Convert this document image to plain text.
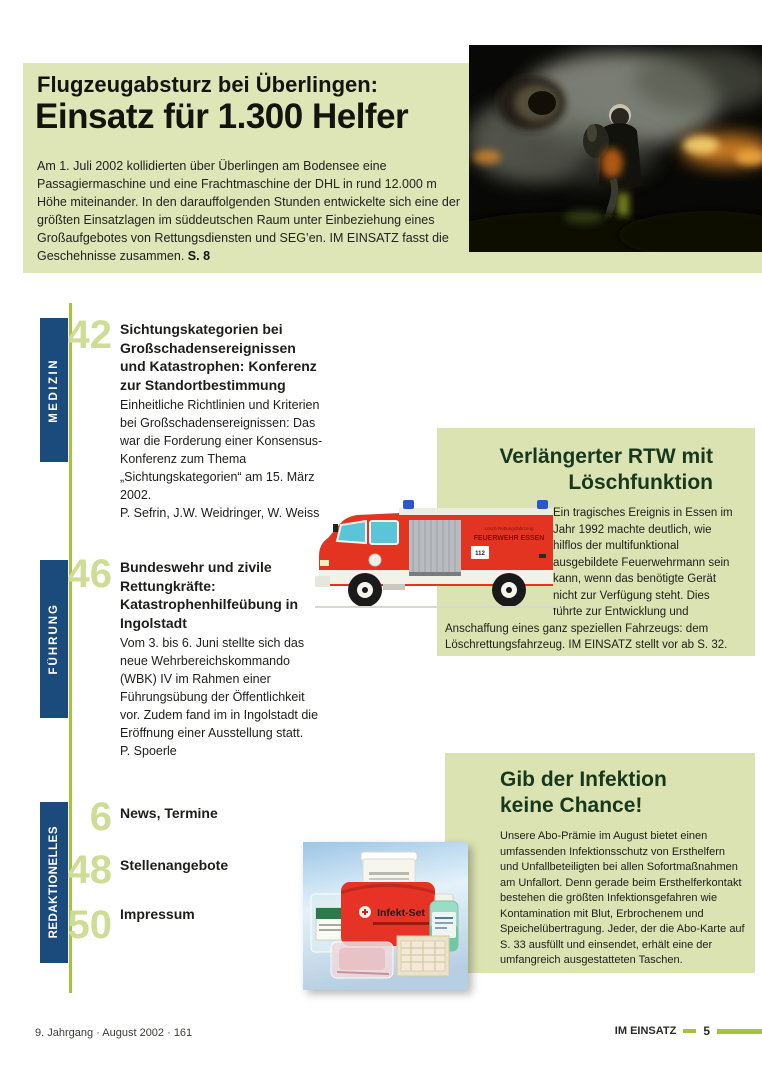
Flugzeugabsturz bei Überlingen:
Einsatz für 1.300 Helfer
Am 1. Juli 2002 kollidierten über Überlingen am Bodensee eine Passagiermaschine und eine Frachtmaschine der DHL in rund 12.000 m Höhe miteinander. In den darauffolgenden Stunden entwickelte sich eine der größten Einsatzlagen im süddeutschen Raum unter Einbeziehung eines Großaufgebotes von Rettungsdiensten und SEG’en. IM EINSATZ fasst die Geschehnisse zusammen. S. 8
MEDIZIN
42 Sichtungskategorien bei Großschadensereignissen und Katastrophen: Konferenz zur Standortbestimmung
Einheitliche Richtlinien und Kriterien bei Großschadensereignissen: Das war die Forderung einer Konsensus-Konferenz zum Thema „Sichtungskategorien“ am 15. März 2002.
P. Sefrin, J.W. Weidringer, W. Weiss
FÜHRUNG
46 Bundeswehr und zivile Rettungkräfte: Katastrophenhilfeübung in Ingolstadt
Vom 3. bis 6. Juni stellte sich das neue Wehrbereichskommando (WBK) IV im Rahmen einer Führungsübung der Öffentlichkeit vor. Zudem fand im in Ingolstadt die Eröffnung einer Ausstellung statt.
P. Spoerle
REDAKTIONELLES
6 News, Termine
48 Stellenangebote
50 Impressum
Verlängerter RTW mit Löschfunktion
Ein tragisches Ereignis in Essen im Jahr 1992 machte deutlich, wie hilflos der multifunktional ausgebildete Feuerwehrmann sein kann, wenn das benötigte Gerät nicht zur Verfügung steht. Dies führte zur Entwicklung und Anschaffung eines ganz speziellen Fahrzeugs: dem Löschrettungsfahrzeug. IM EINSATZ stellt vor ab S. 32.
Lösch-Rettungsfahrzeug
FEUERWEHR ESSEN
112
Gib der Infektion keine Chance!
Unsere Abo-Prämie im August bietet einen umfassenden Infektionsschutz von Ersthelfern und Unfallbeteiligten bei allen Sofortmaßnahmen am Unfallort. Denn gerade beim Ersthelferkontakt bestehen die größten Infektionsgefahren wie Kontamination mit Blut, Erbrochenem und Speichelübertragung. Jeder, der die Abo-Karte auf S. 33 ausfüllt und einsendet, erhält eine der umfangreich ausgestatteten Taschen.
Infekt-Set
9. Jahrgang · August 2002 · 161	IM EINSATZ 5
